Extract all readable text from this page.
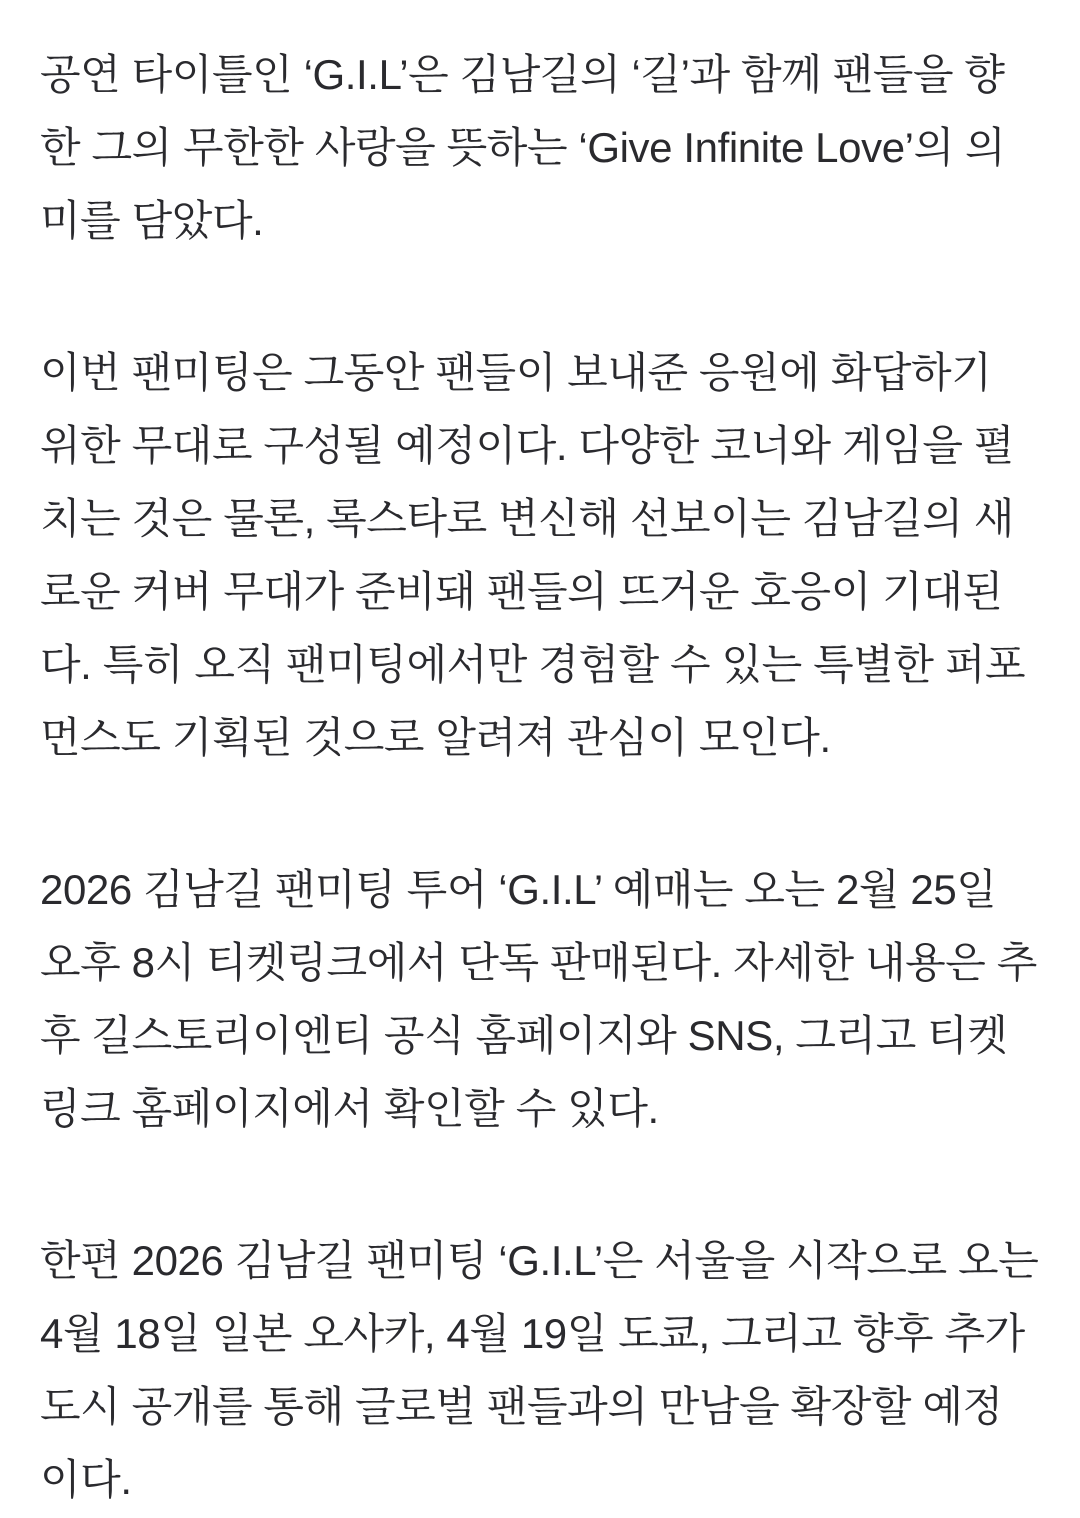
공연 타이틀인 ‘G.I.L’은 김남길의 ‘길’과 함께 팬들을 향한 그의 무한한 사랑을 뜻하는 ‘Give Infinite Love’의 의미를 담았다.

이번 팬미팅은 그동안 팬들이 보내준 응원에 화답하기 위한 무대로 구성될 예정이다. 다양한 코너와 게임을 펼치는 것은 물론, 록스타로 변신해 선보이는 김남길의 새로운 커버 무대가 준비돼 팬들의 뜨거운 호응이 기대된다. 특히 오직 팬미팅에서만 경험할 수 있는 특별한 퍼포먼스도 기획된 것으로 알려져 관심이 모인다.

2026 김남길 팬미팅 투어 ‘G.I.L’ 예매는 오는 2월 25일 오후 8시 티켓링크에서 단독 판매된다. 자세한 내용은 추후 길스토리이엔티 공식 홈페이지와 SNS, 그리고 티켓링크 홈페이지에서 확인할 수 있다.

한편 2026 김남길 팬미팅 ‘G.I.L’은 서울을 시작으로 오는 4월 18일 일본 오사카, 4월 19일 도쿄, 그리고 향후 추가 도시 공개를 통해 글로벌 팬들과의 만남을 확장할 예정이다.
